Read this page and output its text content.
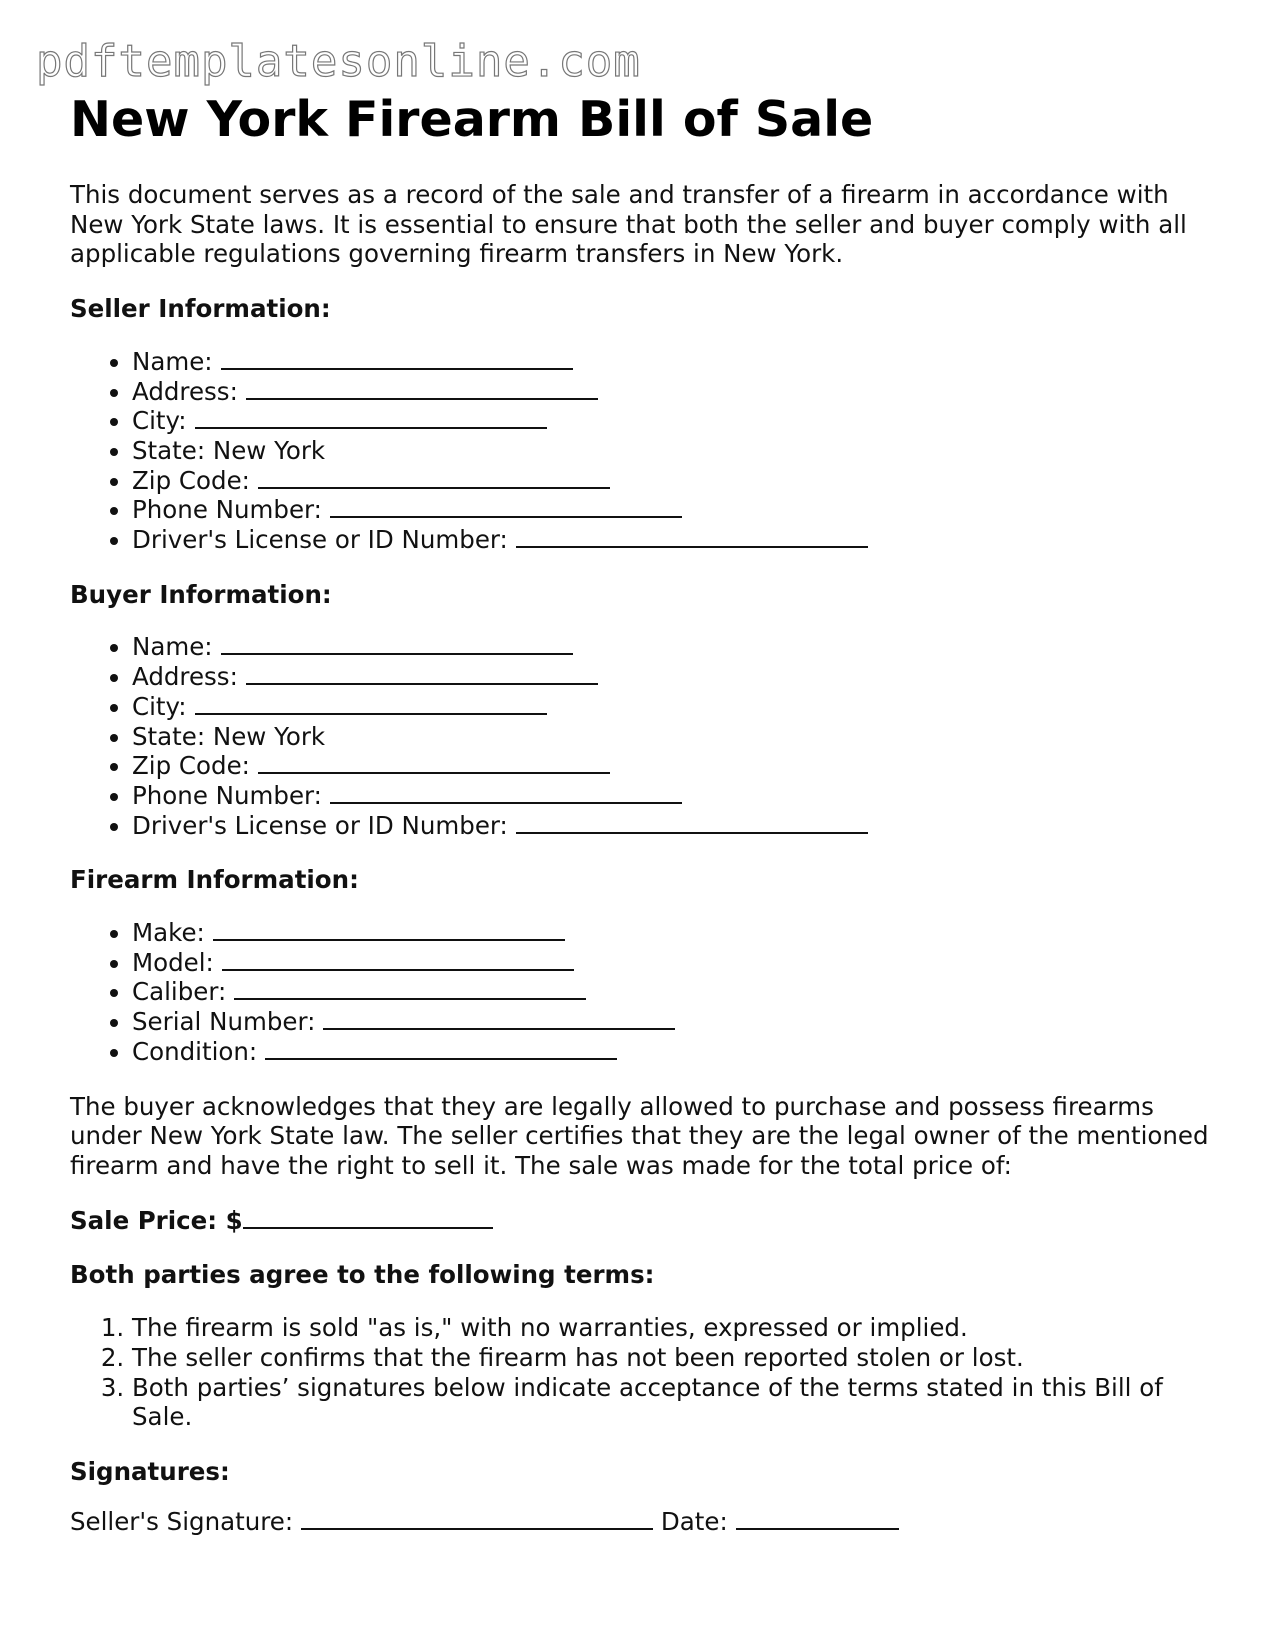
pdftemplatesonline.com
New York Firearm Bill of Sale

This document serves as a record of the sale and transfer of a firearm in accordance with New York State laws. It is essential to ensure that both the seller and buyer comply with all applicable regulations governing firearm transfers in New York.

Seller Information:

• Name:
• Address:
• City:
• State: New York
• Zip Code:
• Phone Number:
• Driver's License or ID Number:

Buyer Information:

• Name:
• Address:
• City:
• State: New York
• Zip Code:
• Phone Number:
• Driver's License or ID Number:

Firearm Information:

• Make:
• Model:
• Caliber:
• Serial Number:
• Condition:

The buyer acknowledges that they are legally allowed to purchase and possess firearms under New York State law. The seller certifies that they are the legal owner of the mentioned firearm and have the right to sell it. The sale was made for the total price of:

Sale Price: $

Both parties agree to the following terms:

1. The firearm is sold "as is," with no warranties, expressed or implied.
2. The seller confirms that the firearm has not been reported stolen or lost.
3. Both parties’ signatures below indicate acceptance of the terms stated in this Bill of Sale.

Signatures:

Seller's Signature:	Date:
